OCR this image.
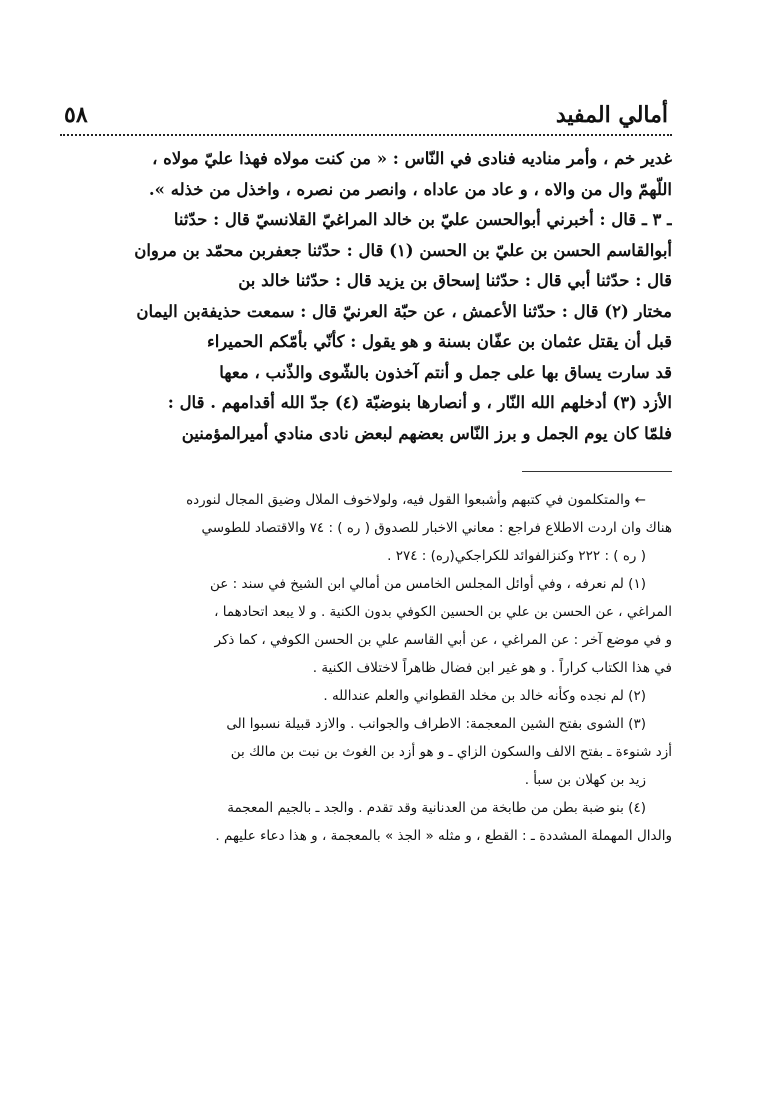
أمالي المفيد
٥٨
غدير خم ، وأمر مناديه فنادى في النّاس : « من كنت مولاه فهذا عليّ مولاه ،
اللّهمّ وال من والاه ، و عاد من عاداه ، وانصر من نصره ، واخذل من خذله ».
ـ ٣ ـ قال : أخبرني أبوالحسن عليّ بن خالد المراغيّ القلانسيّ قال : حدّثنا
أبوالقاسم الحسن بن عليّ بن الحسن (١) قال : حدّثنا جعفربن محمّد بن مروان
قال : حدّثنا أبي قال : حدّثنا إسحاق بن يزيد قال : حدّثنا خالد بن
مختار (٢) قال : حدّثنا الأعمش ، عن حبّة العرنيّ قال : سمعت حذيفةبن اليمان
قبل أن يقتل عثمان بن عفّان بسنة و هو يقول : كأنّي بأمّكم الحميراء
قد سارت يساق بها على جمل و أنتم آخذون بالشّوى والذّنب ، معها
الأزد (٣) أدخلهم الله النّار ، و أنصارها بنوضبّة (٤) جدّ الله أقدامهم . قال :
فلمّا كان يوم الجمل و برز النّاس بعضهم لبعض نادى منادي أميرالمؤمنين
← والمتكلمون في كتبهم وأشبعوا القول فيه، ولولاخوف الملال وضيق المجال لنورده
هناك وان اردت الاطلاع فراجع : معاني الاخبار للصدوق ( ره ) : ٧٤ والاقتصاد للطوسي
( ره ) : ٢٢٢ وكنزالفوائد للكراجكي(ره) : ٢٧٤ .
(١) لم نعرفه ، وفي أوائل المجلس الخامس من أمالي ابن الشيخ في سند : عن
المراغي ، عن الحسن بن علي بن الحسين الكوفي بدون الكنية . و لا يبعد اتحادهما ،
و في موضع آخر : عن المراغي ، عن أبي القاسم علي بن الحسن الكوفي ، كما ذكر
في هذا الكتاب كراراً . و هو غير ابن فضال ظاهراً لاختلاف الكنية .
(٢) لم نجده وكأنه خالد بن مخلد القطواني والعلم عندالله .
(٣) الشوى بفتح الشين المعجمة: الاطراف والجوانب . والازد قبيلة نسبوا الى
أزد شنوءة ـ بفتح الالف والسكون الزاي ـ و هو أزد بن الغوث بن نبت بن مالك بن
زيد بن كهلان بن سبأ .
(٤) بنو ضبة بطن من طابخة من العدنانية وقد تقدم . والجد ـ بالجيم المعجمة
والدال المهملة المشددة ـ : القطع ، و مثله « الجذ » بالمعجمة ، و هذا دعاء عليهم .
